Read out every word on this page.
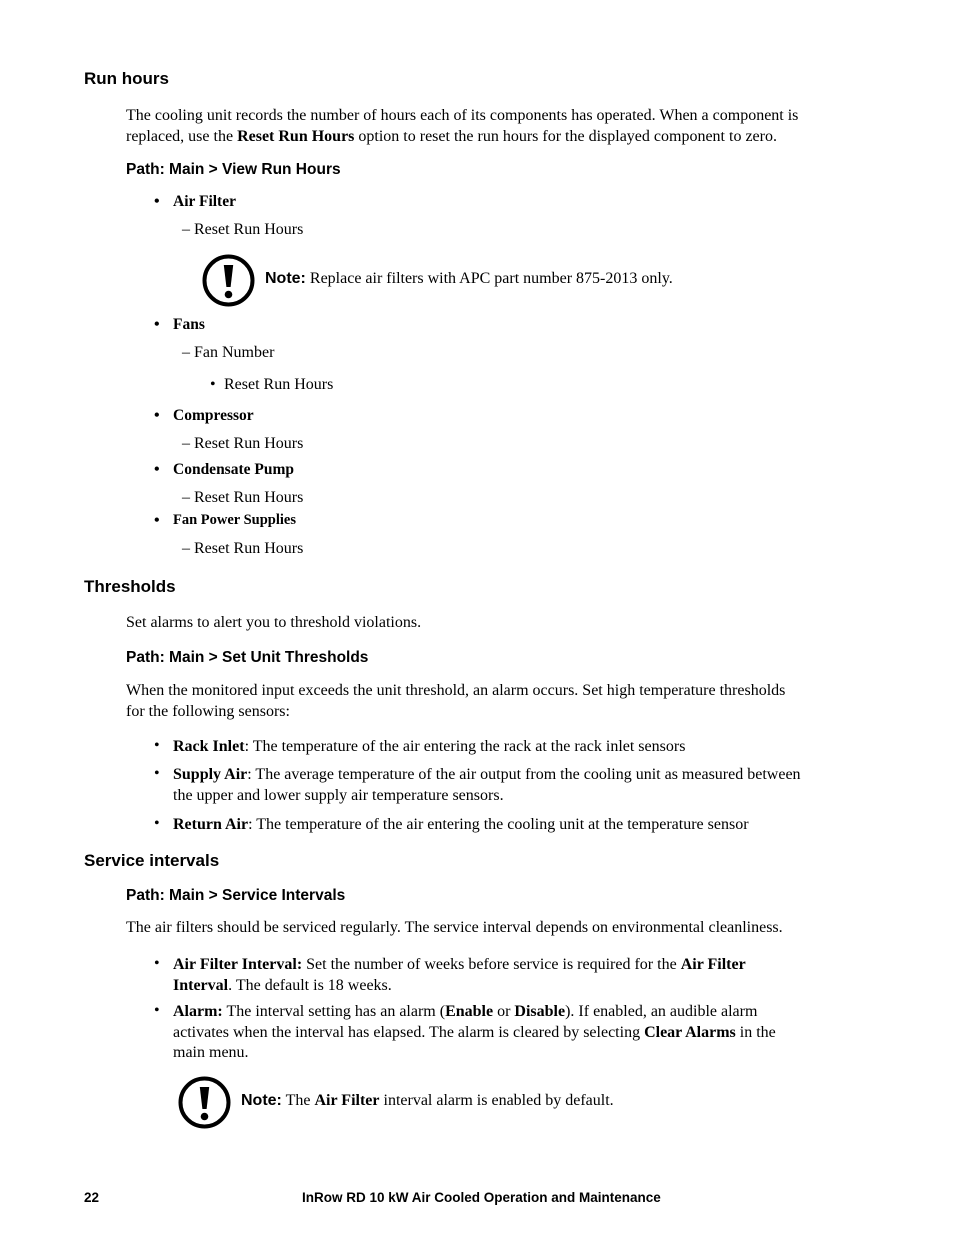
Run hours
The cooling unit records the number of hours each of its components has operated. When a component is
replaced, use the Reset Run Hours option to reset the run hours for the displayed component to zero.
Path: Main > View Run Hours
• Air Filter
– Reset Run Hours
Note: Replace air filters with APC part number 875-2013 only.
• Fans
– Fan Number
• Reset Run Hours
• Compressor
– Reset Run Hours
• Condensate Pump
– Reset Run Hours
• Fan Power Supplies
– Reset Run Hours
Thresholds
Set alarms to alert you to threshold violations.
Path: Main > Set Unit Thresholds
When the monitored input exceeds the unit threshold, an alarm occurs. Set high temperature thresholds
for the following sensors:
• Rack Inlet: The temperature of the air entering the rack at the rack inlet sensors
• Supply Air: The average temperature of the air output from the cooling unit as measured between
the upper and lower supply air temperature sensors.
• Return Air: The temperature of the air entering the cooling unit at the temperature sensor
Service intervals
Path: Main > Service Intervals
The air filters should be serviced regularly. The service interval depends on environmental cleanliness.
• Air Filter Interval: Set the number of weeks before service is required for the Air Filter
Interval. The default is 18 weeks.
• Alarm: The interval setting has an alarm (Enable or Disable). If enabled, an audible alarm
activates when the interval has elapsed. The alarm is cleared by selecting Clear Alarms in the
main menu.
Note: The Air Filter interval alarm is enabled by default.
22	InRow RD 10 kW Air Cooled Operation and Maintenance
